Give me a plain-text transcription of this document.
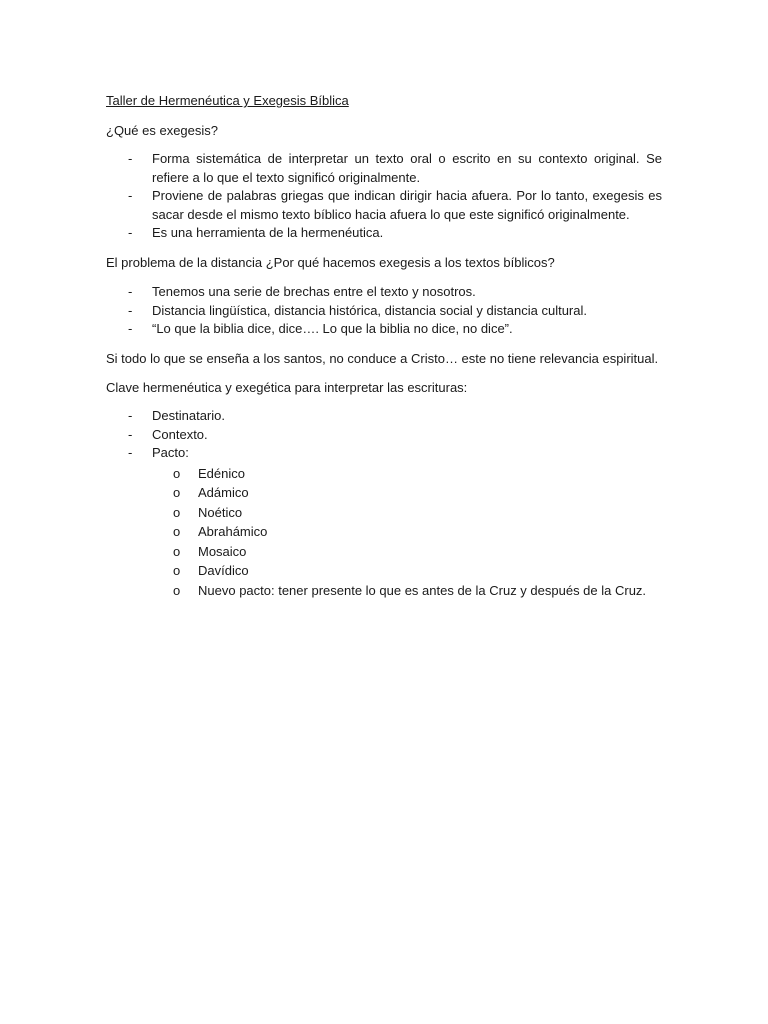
Taller de Hermenéutica y Exegesis Bíblica
¿Qué es exegesis?
- Forma sistemática de interpretar un texto oral o escrito en su contexto original. Se refiere a lo que el texto significó originalmente.
- Proviene de palabras griegas que indican dirigir hacia afuera. Por lo tanto, exegesis es sacar desde el mismo texto bíblico hacia afuera lo que este significó originalmente.
- Es una herramienta de la hermenéutica.
El problema de la distancia ¿Por qué hacemos exegesis a los textos bíblicos?
- Tenemos una serie de brechas entre el texto y nosotros.
- Distancia lingüística, distancia histórica, distancia social y distancia cultural.
- “Lo que la biblia dice, dice…. Lo que la biblia no dice, no dice”.
Si todo lo que se enseña a los santos, no conduce a Cristo… este no tiene relevancia espiritual.
Clave hermenéutica y exegética para interpretar las escrituras:
- Destinatario.
- Contexto.
- Pacto:
o Edénico
o Adámico
o Noético
o Abrahámico
o Mosaico
o Davídico
o Nuevo pacto: tener presente lo que es antes de la Cruz y después de la Cruz.
